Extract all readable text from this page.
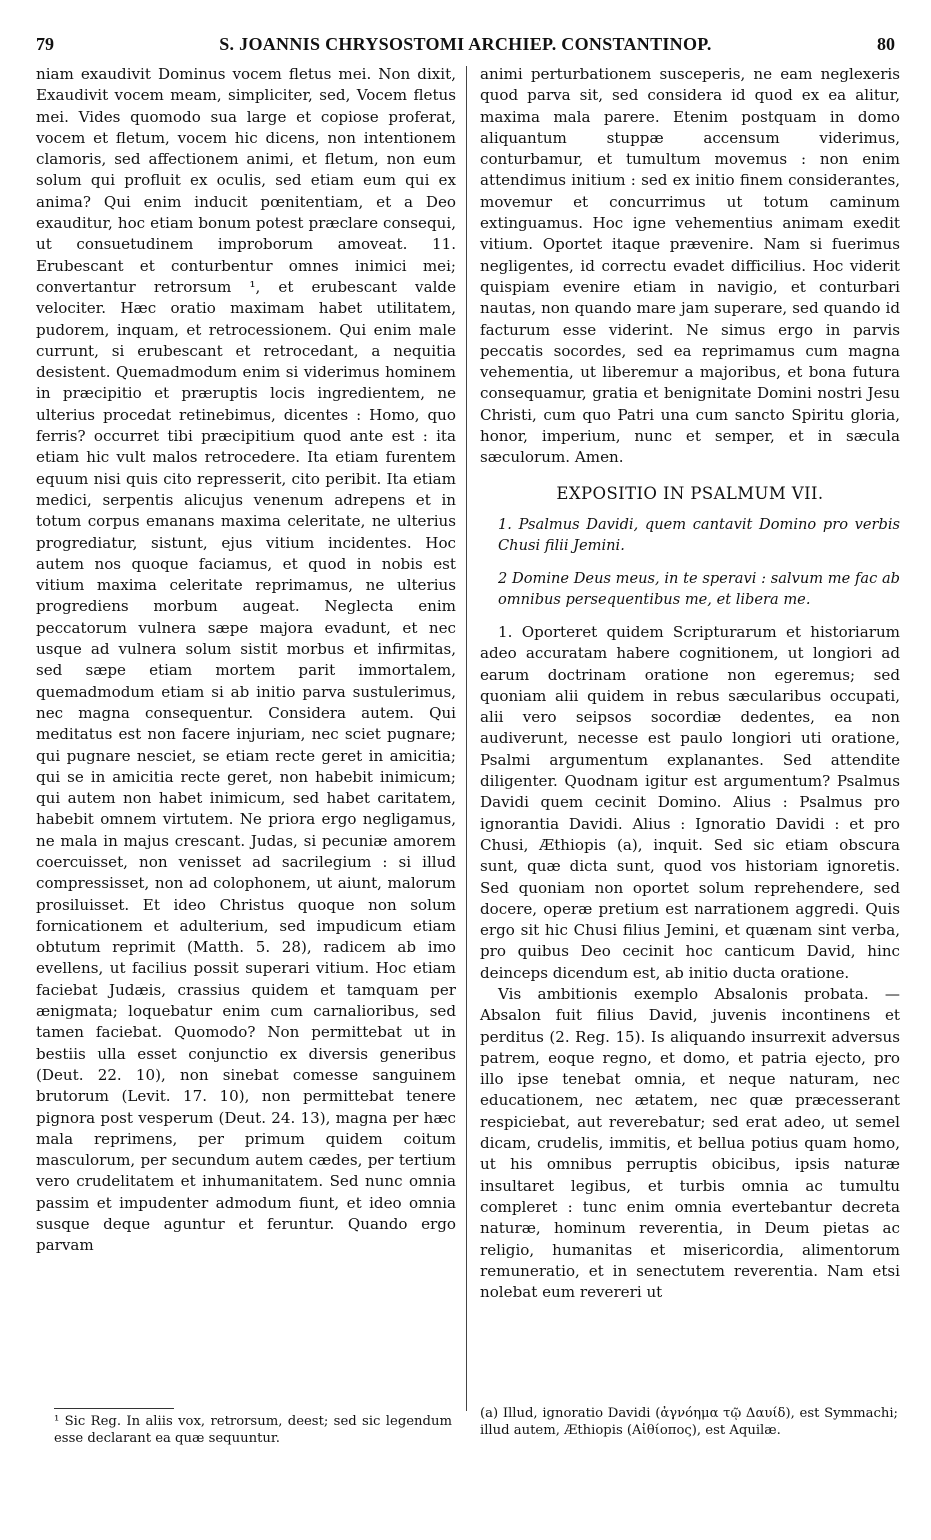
79	S. JOANNIS CHRYSOSTOMI ARCHIEP. CONSTANTINOP.	80

niam exaudivit Dominus vocem fletus mei. Non dixit, Exaudivit vocem meam, simpliciter, sed, Vocem fletus mei. Vides quomodo sua large et copiose proferat, vocem et fletum, vocem hic dicens, non intentionem clamoris, sed affectionem animi, et fletum, non eum solum qui profluit ex oculis, sed etiam eum qui ex anima? Qui enim inducit pœnitentiam, et a Deo exauditur, hoc etiam bonum potest præclare consequi, ut consuetudinem improborum amoveat. 11. Erubescant et conturbentur omnes inimici mei; convertantur retrorsum ¹, et erubescant valde velociter. Hæc oratio maximam habet utilitatem, pudorem, inquam, et retrocessionem. Qui enim male currunt, si erubescant et retrocedant, a nequitia desistent. Quemadmodum enim si viderimus hominem in præcipitio et præruptis locis ingredientem, ne ulterius procedat retinebimus, dicentes : Homo, quo ferris? occurret tibi præcipitium quod ante est : ita etiam hic vult malos retrocedere. Ita etiam furentem equum nisi quis cito represserit, cito peribit. Ita etiam medici, serpentis alicujus venenum adrepens et in totum corpus emanans maxima celeritate, ne ulterius progrediatur, sistunt, ejus vitium incidentes. Hoc autem nos quoque faciamus, et quod in nobis est vitium maxima celeritate reprimamus, ne ulterius progrediens morbum augeat. Neglecta enim peccatorum vulnera sæpe majora evadunt, et nec usque ad vulnera solum sistit morbus et infirmitas, sed sæpe etiam mortem parit immortalem, quemadmodum etiam si ab initio parva sustulerimus, nec magna consequentur. Considera autem. Qui meditatus est non facere injuriam, nec sciet pugnare; qui pugnare nesciet, se etiam recte geret in amicitia; qui se in amicitia recte geret, non habebit inimicum; qui autem non habet inimicum, sed habet caritatem, habebit omnem virtutem. Ne priora ergo negligamus, ne mala in majus crescant. Judas, si pecuniæ amorem coercuisset, non venisset ad sacrilegium : si illud compressisset, non ad colophonem, ut aiunt, malorum prosiluisset. Et ideo Christus quoque non solum fornicationem et adulterium, sed impudicum etiam obtutum reprimit (Matth. 5. 28), radicem ab imo evellens, ut facilius possit superari vitium. Hoc etiam faciebat Judæis, crassius quidem et tamquam per ænigmata; loquebatur enim cum carnalioribus, sed tamen faciebat. Quomodo? Non permittebat ut in bestiis ulla esset conjunctio ex diversis generibus (Deut. 22. 10), non sinebat comesse sanguinem brutorum (Levit. 17. 10), non permittebat tenere pignora post vesperum (Deut. 24. 13), magna per hæc mala reprimens, per primum quidem coitum masculorum, per secundum autem cædes, per tertium vero crudelitatem et inhumanitatem. Sed nunc omnia passim et impudenter admodum fiunt, et ideo omnia susque deque aguntur et feruntur. Quando ergo parvam

animi perturbationem susceperis, ne eam neglexeris quod parva sit, sed considera id quod ex ea alitur, maxima mala parere. Etenim postquam in domo aliquantum stuppæ accensum viderimus, conturbamur, et tumultum movemus : non enim attendimus initium : sed ex initio finem considerantes, movemur et concurrimus ut totum caminum extinguamus. Hoc igne vehementius animam exedit vitium. Oportet itaque prævenire. Nam si fuerimus negligentes, id correctu evadet difficilius. Hoc viderit quispiam evenire etiam in navigio, et conturbari nautas, non quando mare jam superare, sed quando id facturum esse viderint. Ne simus ergo in parvis peccatis socordes, sed ea reprimamus cum magna vehementia, ut liberemur a majoribus, et bona futura consequamur, gratia et benignitate Domini nostri Jesu Christi, cum quo Patri una cum sancto Spiritu gloria, honor, imperium, nunc et semper, et in sæcula sæculorum. Amen.

EXPOSITIO IN PSALMUM VII.

1. Psalmus Davidi, quem cantavit Domino pro verbis Chusi filii Jemini.

2 Domine Deus meus, in te speravi : salvum me fac ab omnibus persequentibus me, et libera me.

1. Oporteret quidem Scripturarum et historiarum adeo accuratam habere cognitionem, ut longiori ad earum doctrinam oratione non egeremus; sed quoniam alii quidem in rebus sæcularibus occupati, alii vero seipsos socordiæ dedentes, ea non audiverunt, necesse est paulo longiori uti oratione, Psalmi argumentum explanantes. Sed attendite diligenter. Quodnam igitur est argumentum? Psalmus Davidi quem cecinit Domino. Alius : Psalmus pro ignorantia Davidi. Alius : Ignoratio Davidi : et pro Chusi, Æthiopis (a), inquit. Sed sic etiam obscura sunt, quæ dicta sunt, quod vos historiam ignoretis. Sed quoniam non oportet solum reprehendere, sed docere, operæ pretium est narrationem aggredi. Quis ergo sit hic Chusi filius Jemini, et quænam sint verba, pro quibus Deo cecinit hoc canticum David, hinc deinceps dicendum est, ab initio ducta oratione.

Vis ambitionis exemplo Absalonis probata. — Absalon fuit filius David, juvenis incontinens et perditus (2. Reg. 15). Is aliquando insurrexit adversus patrem, eoque regno, et domo, et patria ejecto, pro illo ipse tenebat omnia, et neque naturam, nec educationem, nec ætatem, nec quæ præcesserant respiciebat, aut reverebatur; sed erat adeo, ut semel dicam, crudelis, immitis, et bellua potius quam homo, ut his omnibus perruptis obicibus, ipsis naturæ insultaret legibus, et turbis omnia ac tumultu compleret : tunc enim omnia evertebantur decreta naturæ, hominum reverentia, in Deum pietas ac religio, humanitas et misericordia, alimentorum remuneratio, et in senectutem reverentia. Nam etsi nolebat eum revereri ut

¹ Sic Reg. In aliis vox, retrorsum, deest; sed sic legendum esse declarant ea quæ sequuntur.
(a) Illud, ignoratio Davidi (ἀγνόημα τῷ Δαυίδ), est Symmachi; illud autem, Æthiopis (Αἰθίοπος), est Aquilæ.
